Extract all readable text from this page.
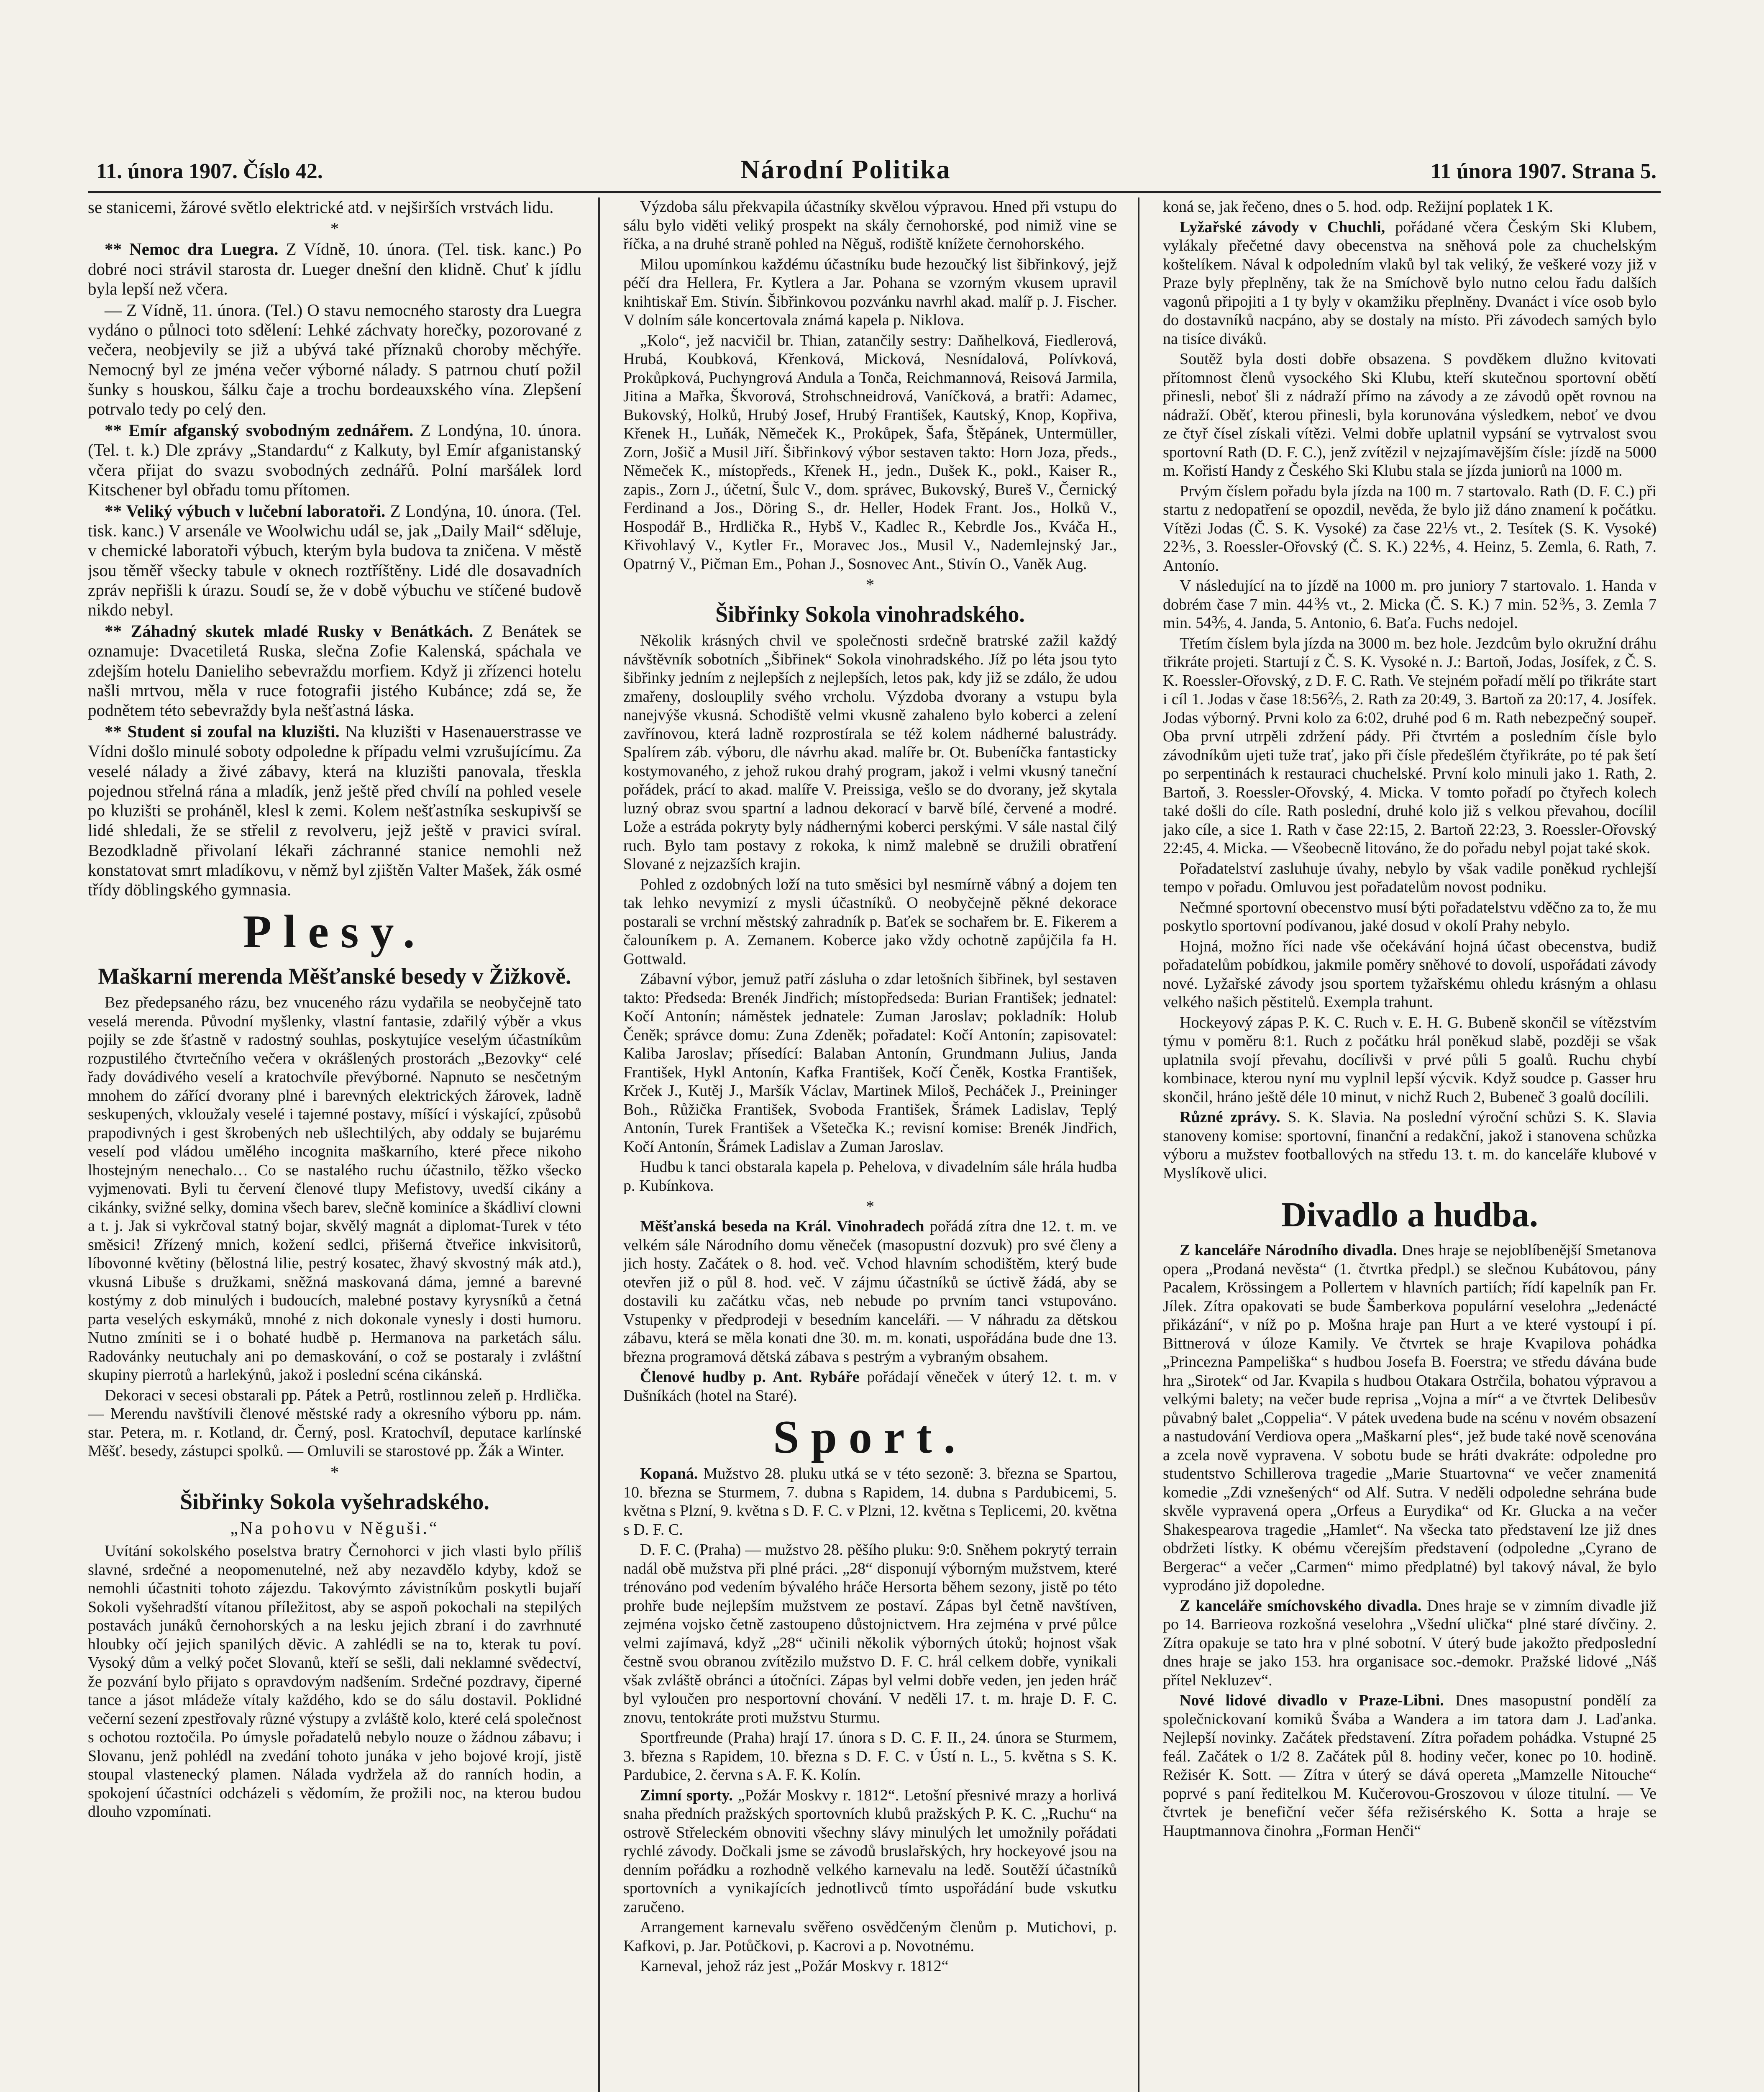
11. února 1907. Číslo 42.	Národní Politika	11 února 1907. Strana 5.

se stanicemi, žárové světlo elektrické atd. v nejširších vrstvách lidu.

*

** Nemoc dra Luegra. Z Vídně, 10. února. (Tel. tisk. kanc.) Po dobré noci strávil starosta dr. Lueger dnešní den klidně. Chuť k jídlu byla lepší než včera.

— Z Vídně, 11. února. (Tel.) O stavu nemocného starosty dra Luegra vydáno o půlnoci toto sdělení: Lehké záchvaty horečky, pozorované z večera, neobjevily se již a ubývá také příznaků choroby měchýře. Nemocný byl ze jména večer výborné nálady. S patrnou chutí požil šunky s houskou, šálku čaje a trochu bordeauxského vína. Zlepšení potrvalo tedy po celý den.

** Emír afganský svobodným zednářem. Z Londýna, 10. února. (Tel. t. k.) Dle zprávy „Standardu“ z Kalkuty, byl Emír afganistanský včera přijat do svazu svobodných zednářů. Polní maršálek lord Kitschener byl obřadu tomu přítomen.

** Veliký výbuch v lučební laboratoři. Z Londýna, 10. února. (Tel. tisk. kanc.) V arsenále ve Woolwichu udál se, jak „Daily Mail“ sděluje, v chemické laboratoři výbuch, kterým byla budova ta zničena. V městě jsou těměř všecky tabule v oknech roztříštěny. Lidé dle dosavadních zpráv nepřišli k úrazu. Soudí se, že v době výbuchu ve stíčené budově nikdo nebyl.

** Záhadný skutek mladé Rusky v Benátkách. Z Benátek se oznamuje: Dvacetiletá Ruska, slečna Zofie Kalenská, spáchala ve zdejším hotelu Danieliho sebevraždu morfiem. Když ji zřízenci hotelu našli mrtvou, měla v ruce fotografii jistého Kubánce; zdá se, že podnětem této sebevraždy byla nešťastná láska.

** Student si zoufal na kluzišti. Na kluzišti v Hasenauerstrasse ve Vídni došlo minulé soboty odpoledne k případu velmi vzrušujícímu. Za veselé nálady a živé zábavy, která na kluzišti panovala, třeskla pojednou střelná rána a mladík, jenž ještě před chvílí na pohled vesele po kluzišti se proháněl, klesl k zemi. Kolem nešťastníka seskupivší se lidé shledali, že se střelil z revolveru, jejž ještě v pravici svíral. Bezodkladně přivolaní lékaři záchranné stanice nemohli než konstatovat smrt mladíkovu, v němž byl zjištěn Valter Mašek, žák osmé třídy döblingského gymnasia.

Plesy.
Maškarní merenda Měšťanské besedy v Žižkově.

Bez předepsaného rázu, bez vnuceného rázu vydařila se neobyčejně tato veselá merenda. Původní myšlenky, vlastní fantasie, zdařilý výběr a vkus pojily se zde šťastně v radostný souhlas, poskytujíce veselým účastníkům rozpustilého čtvrtečního večera v okrášlených prostorách „Bezovky“ celé řady dovádivého veselí a kratochvíle převýborné. Napnuto se nesčetným mnohem do zářící dvorany plné i barevných elektrických žárovek, ladně seskupených, vkloužaly veselé i tajemné postavy, míšící i výskající, způsobů prapodivných i gest škrobených neb ušlechtilých, aby oddaly se bujarému veselí pod vládou umělého incognita maškarního, které přece nikoho lhostejným nenechalo… Co se nastalého ruchu účastnilo, těžko všecko vyjmenovati. Byli tu červení členové tlupy Mefistovy, uvedší cikány a cikánky, svižné selky, domina všech barev, slečně kominíce a škádliví clowni a t. j. Jak si vykrčoval statný bojar, skvělý magnát a diplomat-Turek v této směsici! Zřízený mnich, kožení sedlci, přišerná čtveřice inkvisitorů, líbovonné květiny (bělostná lilie, pestrý kosatec, žhavý skvostný mák atd.), vkusná Libuše s družkami, sněžná maskovaná dáma, jemné a barevné kostýmy z dob minulých i budoucích, malebné postavy kyrysníků a četná parta veselých eskymáků, mnohé z nich dokonale vynesly i dosti humoru. Nutno zmíniti se i o bohaté hudbě p. Hermanova na parketách sálu. Radovánky neutuchaly ani po demaskování, o což se postaraly i zvláštní skupiny pierrotů a harlekýnů, jakož i poslední scéna cikánská.

Dekoraci v secesi obstarali pp. Pátek a Petrů, rostlinnou zeleň p. Hrdlička. — Merendu navštívili členové městské rady a okresního výboru pp. nám. star. Petera, m. r. Kotland, dr. Černý, posl. Kratochvíl, deputace karlínské Měšť. besedy, zástupci spolků. — Omluvili se starostové pp. Žák a Winter.

*

Šibřinky Sokola vyšehradského.
„Na pohovu v Něguši.“

Uvítání sokolského poselstva bratry Černohorci v jich vlasti bylo příliš slavné, srdečné a neopomenutelné, než aby nezavdělo kdyby, kdož se nemohli účastniti tohoto zájezdu. Takovýmto závistníkům poskytli bujaří Sokoli vyšehradští vítanou příležitost, aby se aspoň pokochali na stepilých postavách junáků černohorských a na lesku jejich zbraní i do zavrhnuté hloubky očí jejich spanilých děvic. A zahlédli se na to, kterak tu poví. Vysoký dům a velký počet Slovanů, kteří se sešli, dali neklamné svědectví, že pozvání bylo přijato s opravdovým nadšením. Srdečné pozdravy, čiperné tance a jásot mládeže vítaly každého, kdo se do sálu dostavil. Poklidné večerní sezení zpestřovaly různé výstupy a zvláště kolo, které celá společnost s ochotou roztočila. Po úmysle pořadatelů nebylo nouze o žádnou zábavu; i Slovanu, jenž pohlédl na zvedání tohoto junáka v jeho bojové krojí, jistě stoupal vlastenecký plamen. Nálada vydržela až do ranních hodin, a spokojení účastníci odcházeli s vědomím, že prožili noc, na kterou budou dlouho vzpomínati.

Výzdoba sálu překvapila účastníky skvělou výpravou. Hned při vstupu do sálu bylo viděti veliký prospekt na skály černohorské, pod nimiž vine se říčka, a na druhé straně pohled na Něguš, rodiště knížete černohorského.

Milou upomínkou každému účastníku bude hezoučký list šibřinkový, jejž péčí dra Hellera, Fr. Kytlera a Jar. Pohana se vzorným vkusem upravil knihtiskař Em. Stivín. Šibřinkovou pozvánku navrhl akad. malíř p. J. Fischer. V dolním sále koncertovala známá kapela p. Niklova.

„Kolo“, jež nacvičil br. Thian, zatančily sestry: Daňhelková, Fiedlerová, Hrubá, Koubková, Křenková, Micková, Nesnídalová, Polívková, Prokůpková, Puchyngrová Andula a Tonča, Reichmannová, Reisová Jarmila, Jitina a Mařka, Škvorová, Strohschneidrová, Vaníčková, a bratři: Adamec, Bukovský, Holků, Hrubý Josef, Hrubý František, Kautský, Knop, Kopřiva, Křenek H., Luňák, Němeček K., Prokůpek, Šafa, Štěpánek, Untermüller, Zorn, Jošič a Musil Jiří. Šibřinkový výbor sestaven takto: Horn Joza, předs., Němeček K., místopředs., Křenek H., jedn., Dušek K., pokl., Kaiser R., zapis., Zorn J., účetní, Šulc V., dom. správec, Bukovský, Bureš V., Černický Ferdinand a Jos., Döring S., dr. Heller, Hodek Frant. Jos., Holků V., Hospodář B., Hrdlička R., Hybš V., Kadlec R., Kebrdle Jos., Kváča H., Křivohlavý V., Kytler Fr., Moravec Jos., Musil V., Nademlejnský Jar., Opatrný V., Pičman Em., Pohan J., Sosnovec Ant., Stivín O., Vaněk Aug.

*

Šibřinky Sokola vinohradského.

Několik krásných chvil ve společnosti srdečně bratrské zažil každý návštěvník sobotních „Šibřinek“ Sokola vinohradského. Jíž po léta jsou tyto šibřinky jedním z nejlepších z nejlepších, letos pak, kdy již se zdálo, že udou zmařeny, doslouplily svého vrcholu. Výzdoba dvorany a vstupu byla nanejvýše vkusná. Schodiště velmi vkusně zahaleno bylo koberci a zelení zavřínovou, která ladně rozprostírala se též kolem nádherné balustrády. Spalírem záb. výboru, dle návrhu akad. malíře br. Ot. Bubeníčka fantasticky kostymovaného, z jehož rukou drahý program, jakož i velmi vkusný taneční pořádek, prácí to akad. malíře V. Preissiga, vešlo se do dvorany, jež skytala luzný obraz svou spartní a ladnou dekorací v barvě bílé, červené a modré. Lože a estráda pokryty byly nádhernými koberci perskými. V sále nastal čilý ruch. Bylo tam postavy z rokoka, k nimž malebně se družili obratření Slované z nejzazších krajin.

Pohled z ozdobných loží na tuto směsici byl nesmírně vábný a dojem ten tak lehko nevymizí z mysli účastníků. O neobyčejně pěkné dekorace postarali se vrchní městský zahradník p. Baťek se sochařem br. E. Fikerem a čalouníkem p. A. Zemanem. Koberce jako vždy ochotně zapůjčila fa H. Gottwald.

Zábavní výbor, jemuž patří zásluha o zdar letošních šibřinek, byl sestaven takto: Předseda: Brenék Jindřich; místopředseda: Burian František; jednatel: Kočí Antonín; náměstek jednatele: Zuman Jaroslav; pokladník: Holub Čeněk; správce domu: Zuna Zdeněk; pořadatel: Kočí Antonín; zapisovatel: Kaliba Jaroslav; přísedící: Balaban Antonín, Grundmann Julius, Janda František, Hykl Antonín, Kafka František, Kočí Čeněk, Kostka František, Krček J., Kutěj J., Maršík Václav, Martinek Miloš, Pecháček J., Preininger Boh., Růžička František, Svoboda František, Šrámek Ladislav, Teplý Antonín, Turek František a Všetečka K.; revisní komise: Brenék Jindřich, Kočí Antonín, Šrámek Ladislav a Zuman Jaroslav.

Hudbu k tanci obstarala kapela p. Pehelova, v divadelním sále hrála hudba p. Kubínkova.

*

Měšťanská beseda na Král. Vinohradech pořádá zítra dne 12. t. m. ve velkém sále Národního domu věneček (masopustní dozvuk) pro své členy a jich hosty. Začátek o 8. hod. več. Vchod hlavním schodištěm, který bude otevřen již o půl 8. hod. več. V zájmu účastníků se úctivě žádá, aby se dostavili ku začátku včas, neb nebude po prvním tanci vstupováno. Vstupenky v předprodeji v besedním kanceláři. — V náhradu za dětskou zábavu, která se měla konati dne 30. m. m. konati, uspořádána bude dne 13. března programová dětská zábava s pestrým a vybraným obsahem.

Členové hudby p. Ant. Rybáře pořádají věneček v úterý 12. t. m. v Dušníkách (hotel na Staré).

Sport.

Kopaná. Mužstvo 28. pluku utká se v této sezoně: 3. března se Spartou, 10. března se Sturmem, 7. dubna s Rapidem, 14. dubna s Pardubicemi, 5. května s Plzní, 9. května s D. F. C. v Plzni, 12. května s Teplicemi, 20. května s D. F. C.

D. F. C. (Praha) — mužstvo 28. pěšího pluku: 9:0. Sněhem pokrytý terrain nadál obě mužstva při plné práci. „28“ disponují výborným mužstvem, které trénováno pod vedením bývalého hráče Hersorta během sezony, jistě po této prohře bude nejlepším mužstvem ze postaví. Zápas byl četně navštíven, zejména vojsko četně zastoupeno důstojnictvem. Hra zejména v prvé půlce velmi zajímavá, když „28“ učinili několik výborných útoků; hojnost však čestně svou obranou zvítězilo mužstvo D. F. C. hrál celkem dobře, vynikali však zvláště obránci a útočníci. Zápas byl velmi dobře veden, jen jeden hráč byl vyloučen pro nesportovní chování. V neděli 17. t. m. hraje D. F. C. znovu, tentokráte proti mužstvu Sturmu.

Sportfreunde (Praha) hrají 17. února s D. C. F. II., 24. února se Sturmem, 3. března s Rapidem, 10. března s D. F. C. v Ústí n. L., 5. května s S. K. Pardubice, 2. června s A. F. K. Kolín.

Zimní sporty. „Požár Moskvy r. 1812“. Letošní přesnivé mrazy a horlivá snaha předních pražských sportovních klubů pražských P. K. C. „Ruchu“ na ostrově Střeleckém obnoviti všechny slávy minulých let umožnily pořádati rychlé závody. Dočkali jsme se závodů bruslařských, hry hockeyové jsou na denním pořádku a rozhodně velkého karnevalu na ledě. Soutěží účastníků sportovních a vynikajících jednotlivců tímto uspořádání bude vskutku zaručeno.

Arrangement karnevalu svěřeno osvědčeným členům p. Mutichovi, p. Kafkovi, p. Jar. Potůčkovi, p. Kacrovi a p. Novotnému.

Karneval, jehož ráz jest „Požár Moskvy r. 1812“

koná se, jak řečeno, dnes o 5. hod. odp. Režijní poplatek 1 K.

Lyžařské závody v Chuchli, pořádané včera Českým Ski Klubem, vylákaly přečetné davy obecenstva na sněhová pole za chuchelským koštelíkem. Nával k odpoledním vlaků byl tak veliký, že veškeré vozy již v Praze byly přeplněny, tak že na Smíchově bylo nutno celou řadu dalších vagonů připojiti a 1 ty byly v okamžiku přeplněny. Dvanáct i více osob bylo do dostavníků nacpáno, aby se dostaly na místo. Při závodech samých bylo na tisíce diváků.

Soutěž byla dosti dobře obsazena. S povděkem dlužno kvitovati přítomnost členů vysockého Ski Klubu, kteří skutečnou sportovní obětí přinesli, neboť šli z nádraží přímo na závody a ze závodů opět rovnou na nádraží. Oběť, kterou přinesli, byla korunována výsledkem, neboť ve dvou ze čtyř čísel získali vítězi. Velmi dobře uplatnil vypsání se vytrvalost svou sportovní Rath (D. F. C.), jenž zvítězil v nejzajímavějším čísle: jízdě na 5000 m. Kořistí Handy z Českého Ski Klubu stala se jízda juniorů na 1000 m.

Prvým číslem pořadu byla jízda na 100 m. 7 startovalo. Rath (D. F. C.) při startu z nedopatření se opozdil, nevěda, že bylo již dáno znamení k počátku. Vítězi Jodas (Č. S. K. Vysoké) za čase 22⅕ vt., 2. Tesítek (S. K. Vysoké) 22⅗, 3. Roessler-Ořovský (Č. S. K.) 22⅘, 4. Heinz, 5. Zemla, 6. Rath, 7. Antonío.

V následující na to jízdě na 1000 m. pro juniory 7 startovalo. 1. Handa v dobrém čase 7 min. 44⅗ vt., 2. Micka (Č. S. K.) 7 min. 52⅗, 3. Zemla 7 min. 54⅗, 4. Janda, 5. Antonio, 6. Baťa. Fuchs nedojel.

Třetím číslem byla jízda na 3000 m. bez hole. Jezdcům bylo okružní dráhu třikráte projeti. Startují z Č. S. K. Vysoké n. J.: Bartoň, Jodas, Josífek, z Č. S. K. Roessler-Ořovský, z D. F. C. Rath. Ve stejném pořadí mělí po třikráte start i cíl 1. Jodas v čase 18:56⅖, 2. Rath za 20:49, 3. Bartoň za 20:17, 4. Josífek. Jodas výborný. Prvni kolo za 6:02, druhé pod 6 m. Rath nebezpečný soupeř. Oba první utrpěli zdržení pády. Při čtvrtém a posledním čísle bylo závodníkům ujeti tuže trať, jako při čísle předešlém čtyřikráte, po té pak šetí po serpentinách k restauraci chuchelské. První kolo minuli jako 1. Rath, 2. Bartoň, 3. Roessler-Ořovský, 4. Micka. V tomto pořadí po čtyřech kolech také došli do cíle. Rath poslední, druhé kolo již s velkou převahou, docílil jako cíle, a sice 1. Rath v čase 22:15, 2. Bartoň 22:23, 3. Roessler-Ořovský 22:45, 4. Micka. — Všeobecně litováno, že do pořadu nebyl pojat také skok.

Pořadatelství zasluhuje úvahy, nebylo by však vadile poněkud rychlejší tempo v pořadu. Omluvou jest pořadatelům novost podniku.

Nečmné sportovní obecenstvo musí býti pořadatelstvu vděčno za to, že mu poskytlo sportovní podívanou, jaké dosud v okolí Prahy nebylo.

Hojná, možno říci nade vše očekávání hojná účast obecenstva, budiž pořadatelům pobídkou, jakmile poměry sněhové to dovolí, uspořádati závody nové. Lyžařské závody jsou sportem tyžařskému ohledu krásným a ohlasu velkého našich pěstitelů. Exempla trahunt.

Hockeyový zápas P. K. C. Ruch v. E. H. G. Bubeně skončil se vítězstvím týmu v poměru 8:1. Ruch z počátku hrál poněkud slabě, později se však uplatnila svojí převahu, docílivši v prvé půli 5 goalů. Ruchu chybí kombinace, kterou nyní mu vyplnil lepší výcvik. Když soudce p. Gasser hru skončil, hráno ještě déle 10 minut, v nichž Ruch 2, Bubeneč 3 goalů docílili.

Různé zprávy. S. K. Slavia. Na poslední výroční schůzi S. K. Slavia stanoveny komise: sportovní, finanční a redakční, jakož i stanovena schůzka výboru a mužstev footballových na středu 13. t. m. do kanceláře klubové v Myslíkově ulici.

Divadlo a hudba.

Z kanceláře Národního divadla. Dnes hraje se nejoblíbenější Smetanova opera „Prodaná nevěsta“ (1. čtvrtka předpl.) se slečnou Kubátovou, pány Pacalem, Krössingem a Pollertem v hlavních partiích; řídí kapelník pan Fr. Jílek. Zítra opakovati se bude Šamberkova populární veselohra „Jedenácté přikázání“, v níž po p. Mošna hraje pan Hurt a ve které vystoupí i pí. Bittnerová v úloze Kamily. Ve čtvrtek se hraje Kvapilova pohádka „Princezna Pampeliška“ s hudbou Josefa B. Foerstra; ve středu dávána bude hra „Sirotek“ od Jar. Kvapila s hudbou Otakara Ostrčila, bohatou výpravou a velkými balety; na večer bude reprisa „Vojna a mír“ a ve čtvrtek Delibesův půvabný balet „Coppelia“. V pátek uvedena bude na scénu v novém obsazení a nastudování Verdiova opera „Maškarní ples“, jež bude také nově scenována a zcela nově vypravena. V sobotu bude se hráti dvakráte: odpoledne pro studentstvo Schillerova tragedie „Marie Stuartovna“ ve večer znamenitá komedie „Zdi vznešených“ od Alf. Sutra. V neděli odpoledne sehrána bude skvěle vypravená opera „Orfeus a Eurydika“ od Kr. Glucka a na večer Shakespearova tragedie „Hamlet“. Na všecka tato představení lze již dnes obdržeti lístky. K obému včerejším představení (odpoledne „Cyrano de Bergerac“ a večer „Carmen“ mimo předplatné) byl takový nával, že bylo vyprodáno již dopoledne.

Z kanceláře smíchovského divadla. Dnes hraje se v zimním divadle již po 14. Barrieova rozkošná veselohra „Všední ulička“ plné staré dívčiny. 2. Zítra opakuje se tato hra v plné sobotní. V úterý bude jakožto předposlední dnes hraje se jako 153. hra organisace soc.-demokr. Pražské lidové „Náš přítel Nekluzev“.

Nové lidové divadlo v Praze-Libni. Dnes masopustní pondělí za společnickovaní komiků Švába a Wandera a im tatora dam J. Laďanka. Nejlepší novinky. Začátek představení. Zítra pořadem pohádka. Vstupné 25 feál. Začátek o 1/2 8. Začátek půl 8. hodiny večer, konec po 10. hodině. Režisér K. Sott. — Zítra v úterý se dává opereta „Mamzelle Nitouche“ poprvé s paní ředitelkou M. Kučerovou-Groszovou v úloze titulní. — Ve čtvrtek je benefiční večer šéfa režisérského K. Sotta a hraje se Hauptmannova činohra „Forman Henči“
